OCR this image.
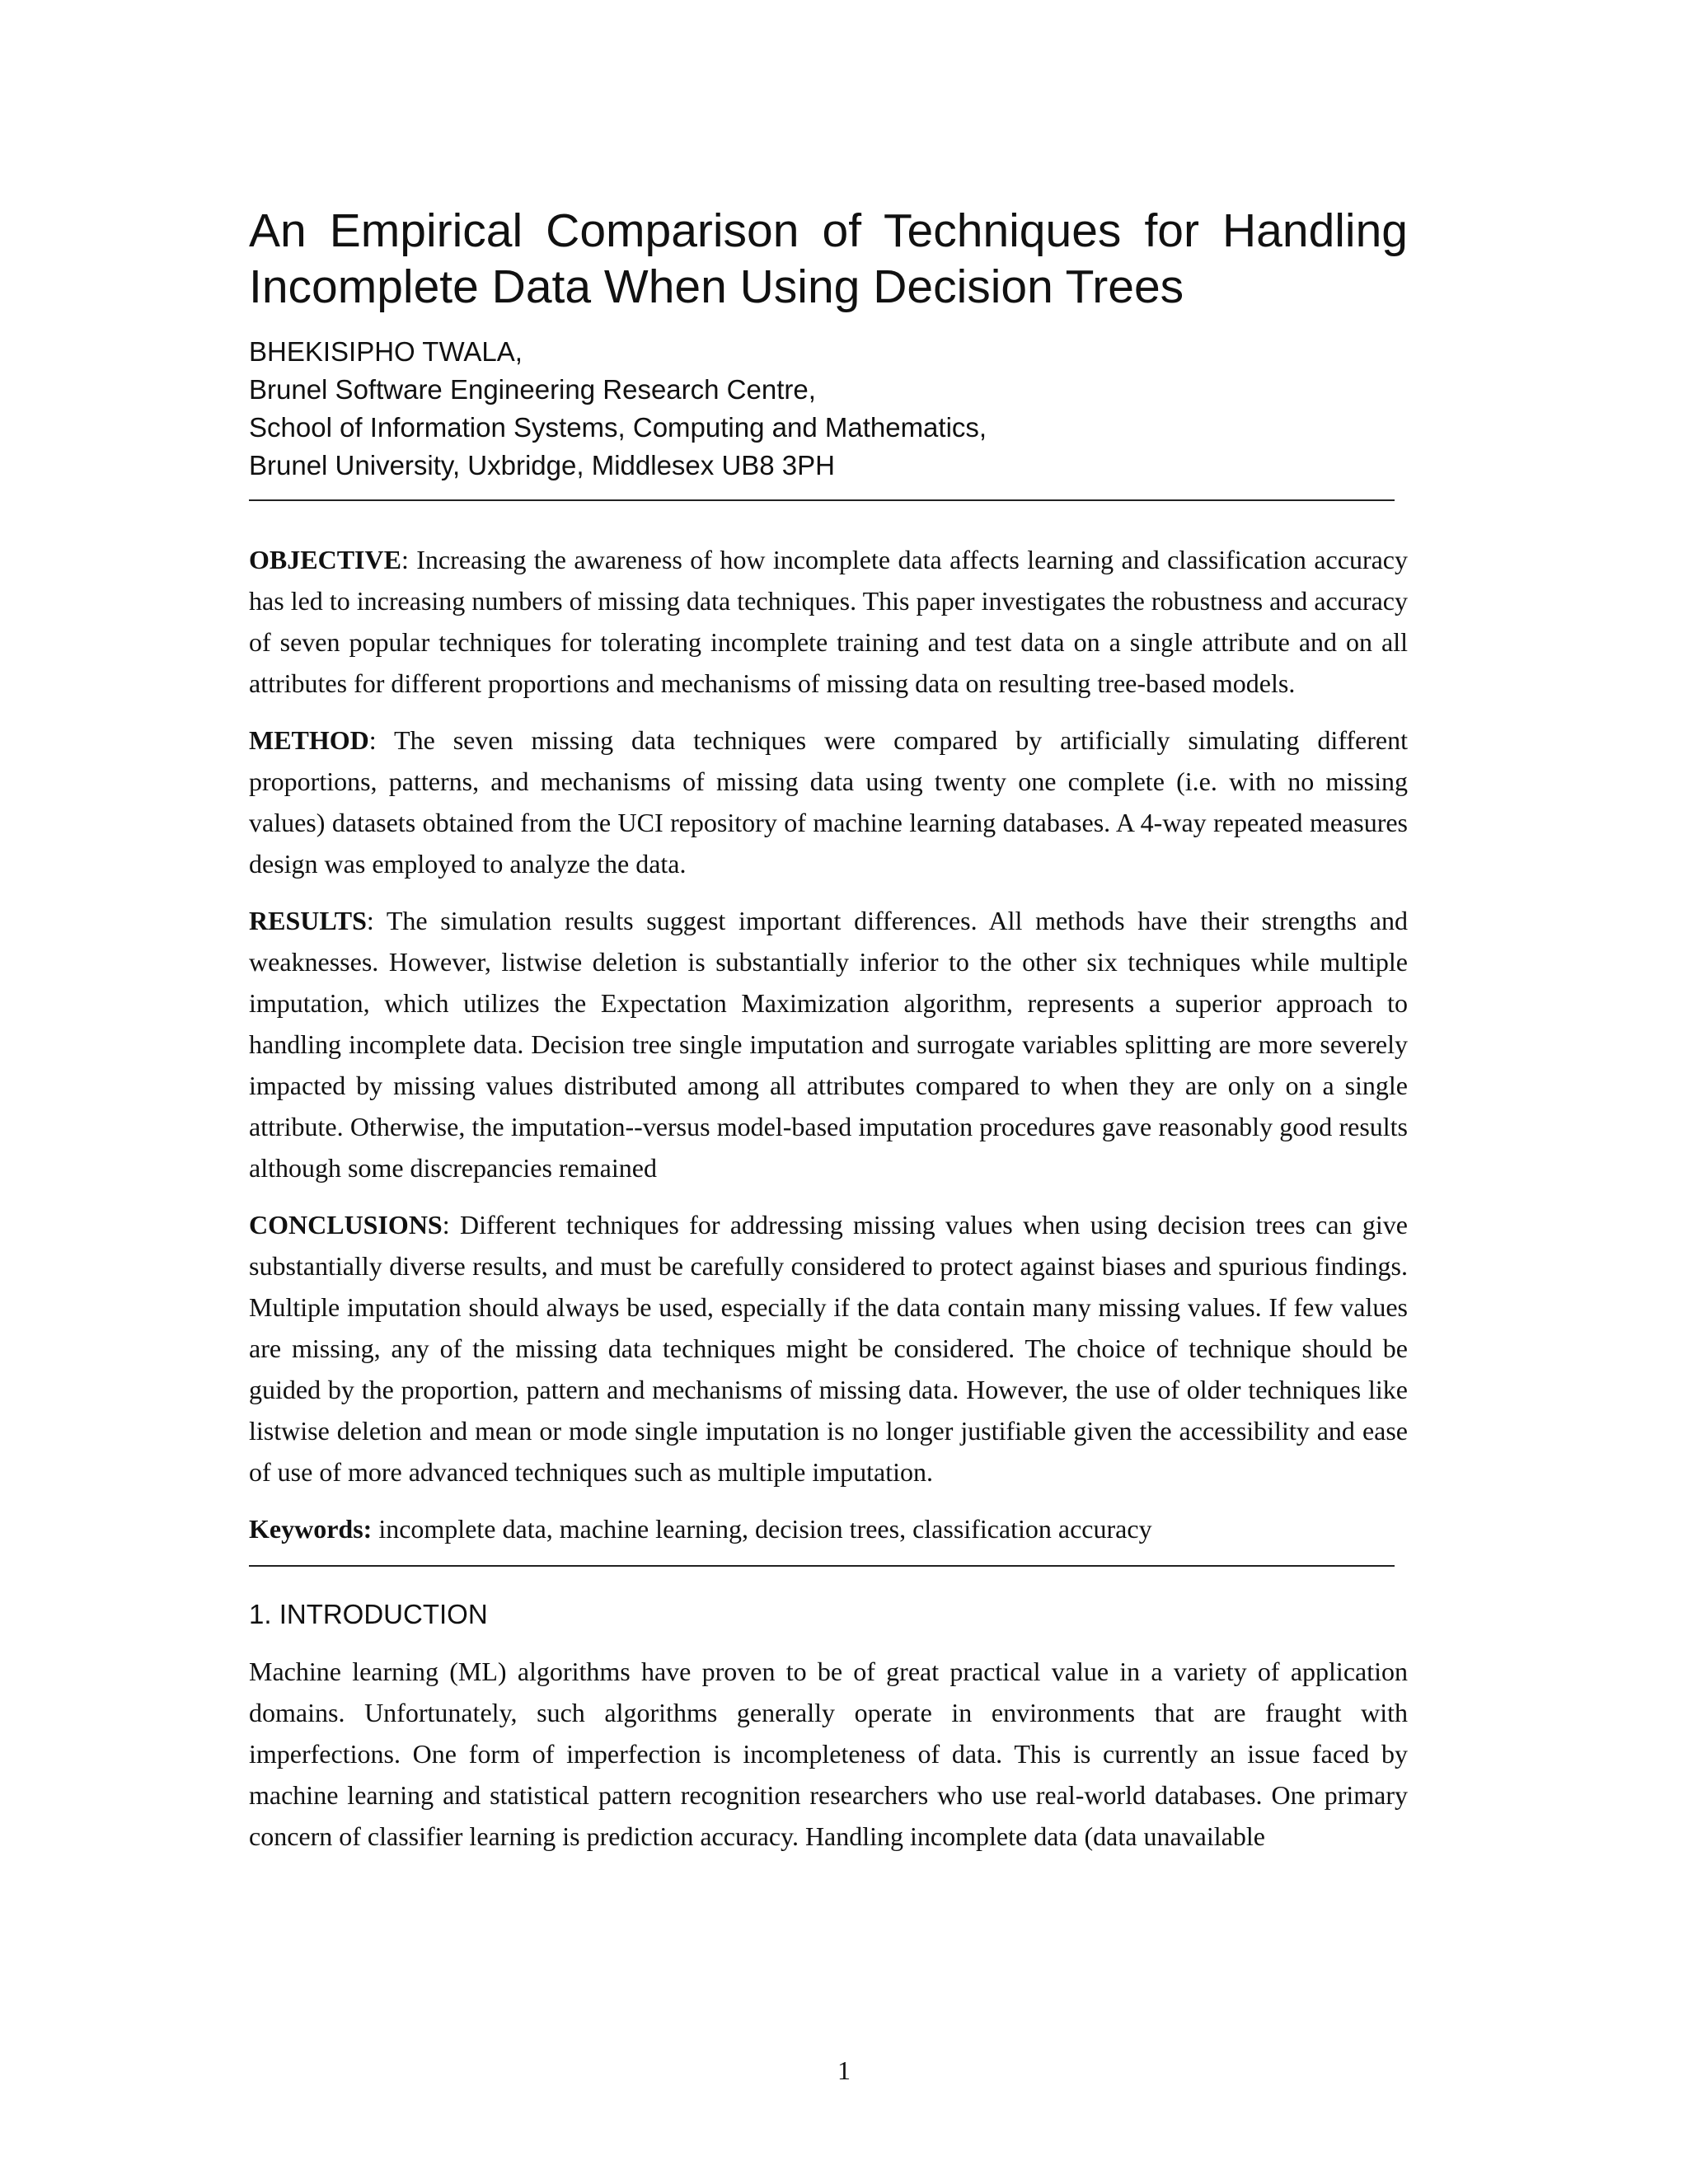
An Empirical Comparison of Techniques for Handling Incomplete Data When Using Decision Trees
BHEKISIPHO TWALA,
Brunel Software Engineering Research Centre,
School of Information Systems, Computing and Mathematics,
Brunel University, Uxbridge, Middlesex UB8 3PH

OBJECTIVE: Increasing the awareness of how incomplete data affects learning and classification accuracy has led to increasing numbers of missing data techniques. This paper investigates the robustness and accuracy of seven popular techniques for tolerating incomplete training and test data on a single attribute and on all attributes for different proportions and mechanisms of missing data on resulting tree-based models.

METHOD: The seven missing data techniques were compared by artificially simulating different proportions, patterns, and mechanisms of missing data using twenty one complete (i.e. with no missing values) datasets obtained from the UCI repository of machine learning databases. A 4-way repeated measures design was employed to analyze the data.

RESULTS: The simulation results suggest important differences. All methods have their strengths and weaknesses. However, listwise deletion is substantially inferior to the other six techniques while multiple imputation, which utilizes the Expectation Maximization algorithm, represents a superior approach to handling incomplete data. Decision tree single imputation and surrogate variables splitting are more severely impacted by missing values distributed among all attributes compared to when they are only on a single attribute. Otherwise, the imputation--versus model-based imputation procedures gave reasonably good results although some discrepancies remained

CONCLUSIONS: Different techniques for addressing missing values when using decision trees can give substantially diverse results, and must be carefully considered to protect against biases and spurious findings. Multiple imputation should always be used, especially if the data contain many missing values. If few values are missing, any of the missing data techniques might be considered. The choice of technique should be guided by the proportion, pattern and mechanisms of missing data. However, the use of older techniques like listwise deletion and mean or mode single imputation is no longer justifiable given the accessibility and ease of use of more advanced techniques such as multiple imputation.

Keywords: incomplete data, machine learning, decision trees, classification accuracy

1. INTRODUCTION

Machine learning (ML) algorithms have proven to be of great practical value in a variety of application domains. Unfortunately, such algorithms generally operate in environments that are fraught with imperfections. One form of imperfection is incompleteness of data. This is currently an issue faced by machine learning and statistical pattern recognition researchers who use real-world databases. One primary concern of classifier learning is prediction accuracy. Handling incomplete data (data unavailable

1
